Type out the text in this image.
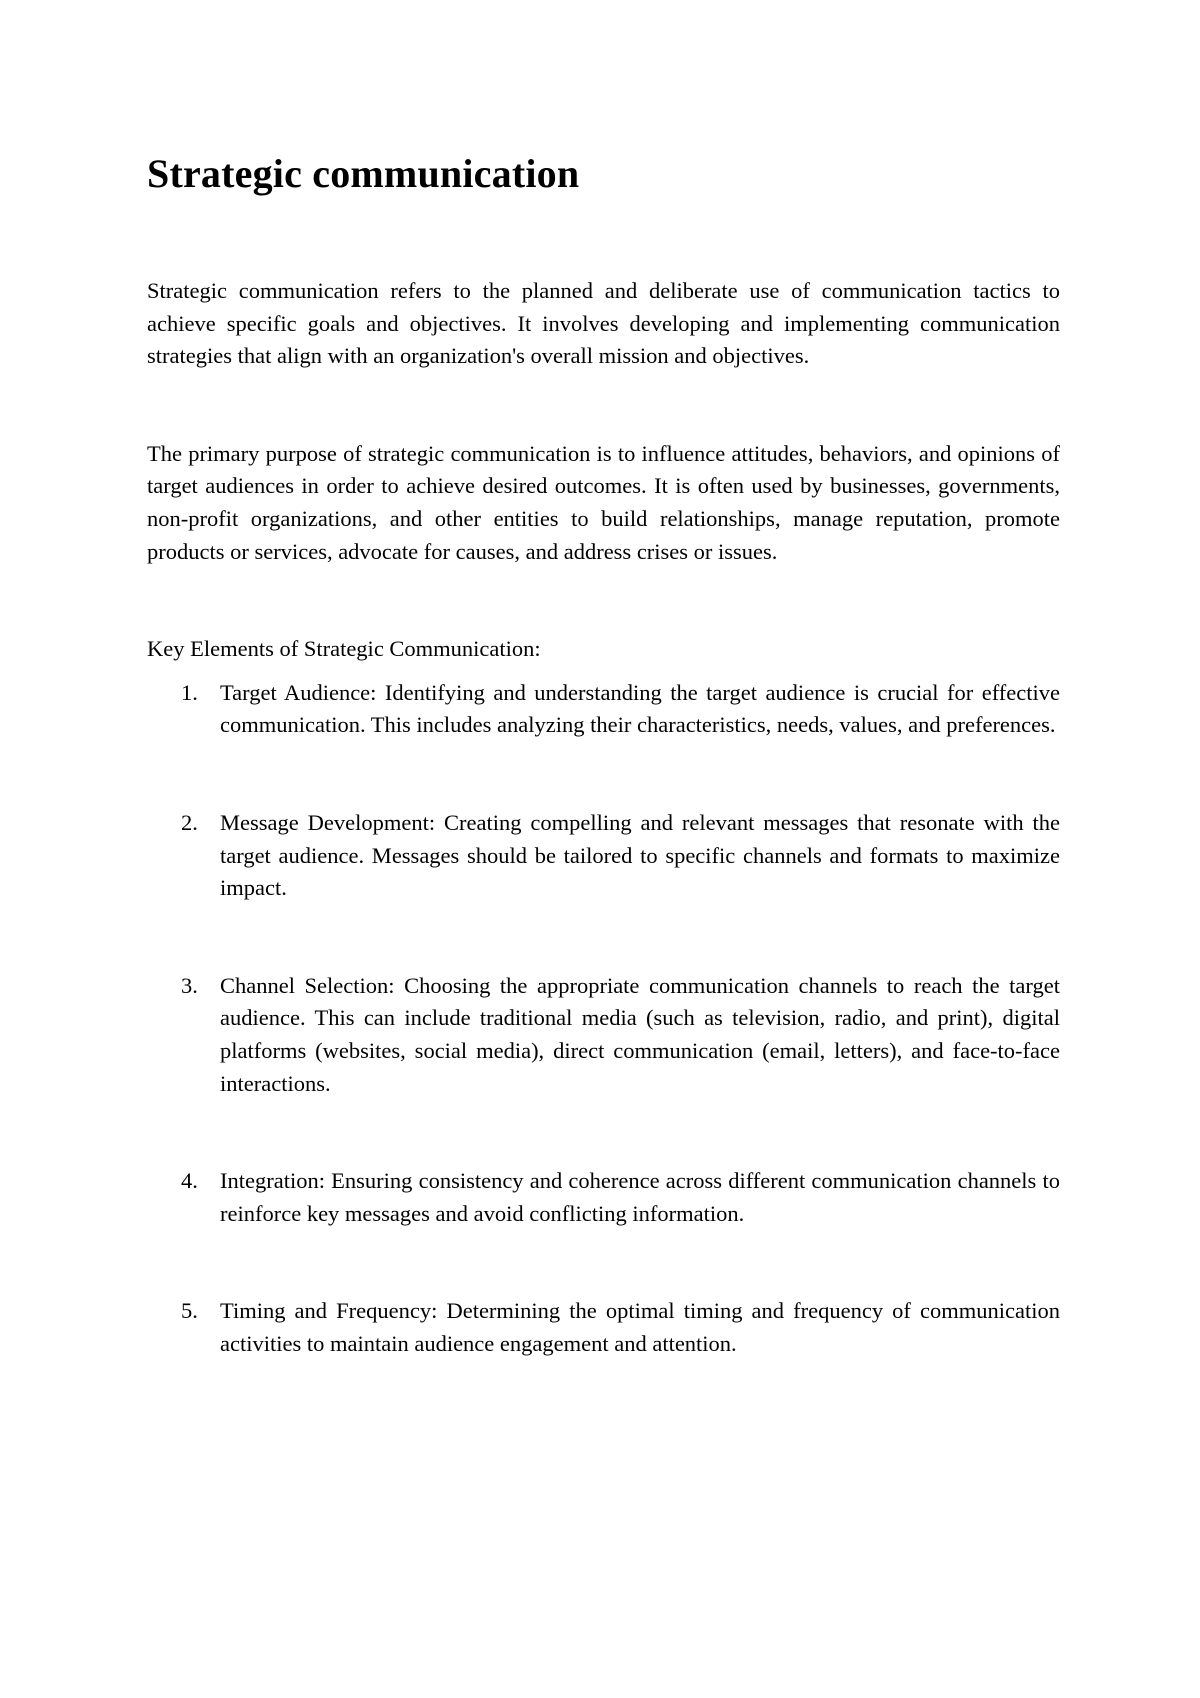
Strategic communication

Strategic communication refers to the planned and deliberate use of communication tactics to achieve specific goals and objectives. It involves developing and implementing communication strategies that align with an organization's overall mission and objectives.

The primary purpose of strategic communication is to influence attitudes, behaviors, and opinions of target audiences in order to achieve desired outcomes. It is often used by businesses, governments, non-profit organizations, and other entities to build relationships, manage reputation, promote products or services, advocate for causes, and address crises or issues.

Key Elements of Strategic Communication:

1. Target Audience: Identifying and understanding the target audience is crucial for effective communication. This includes analyzing their characteristics, needs, values, and preferences.
2. Message Development: Creating compelling and relevant messages that resonate with the target audience. Messages should be tailored to specific channels and formats to maximize impact.
3. Channel Selection: Choosing the appropriate communication channels to reach the target audience. This can include traditional media (such as television, radio, and print), digital platforms (websites, social media), direct communication (email, letters), and face-to-face interactions.
4. Integration: Ensuring consistency and coherence across different communication channels to reinforce key messages and avoid conflicting information.
5. Timing and Frequency: Determining the optimal timing and frequency of communication activities to maintain audience engagement and attention.
